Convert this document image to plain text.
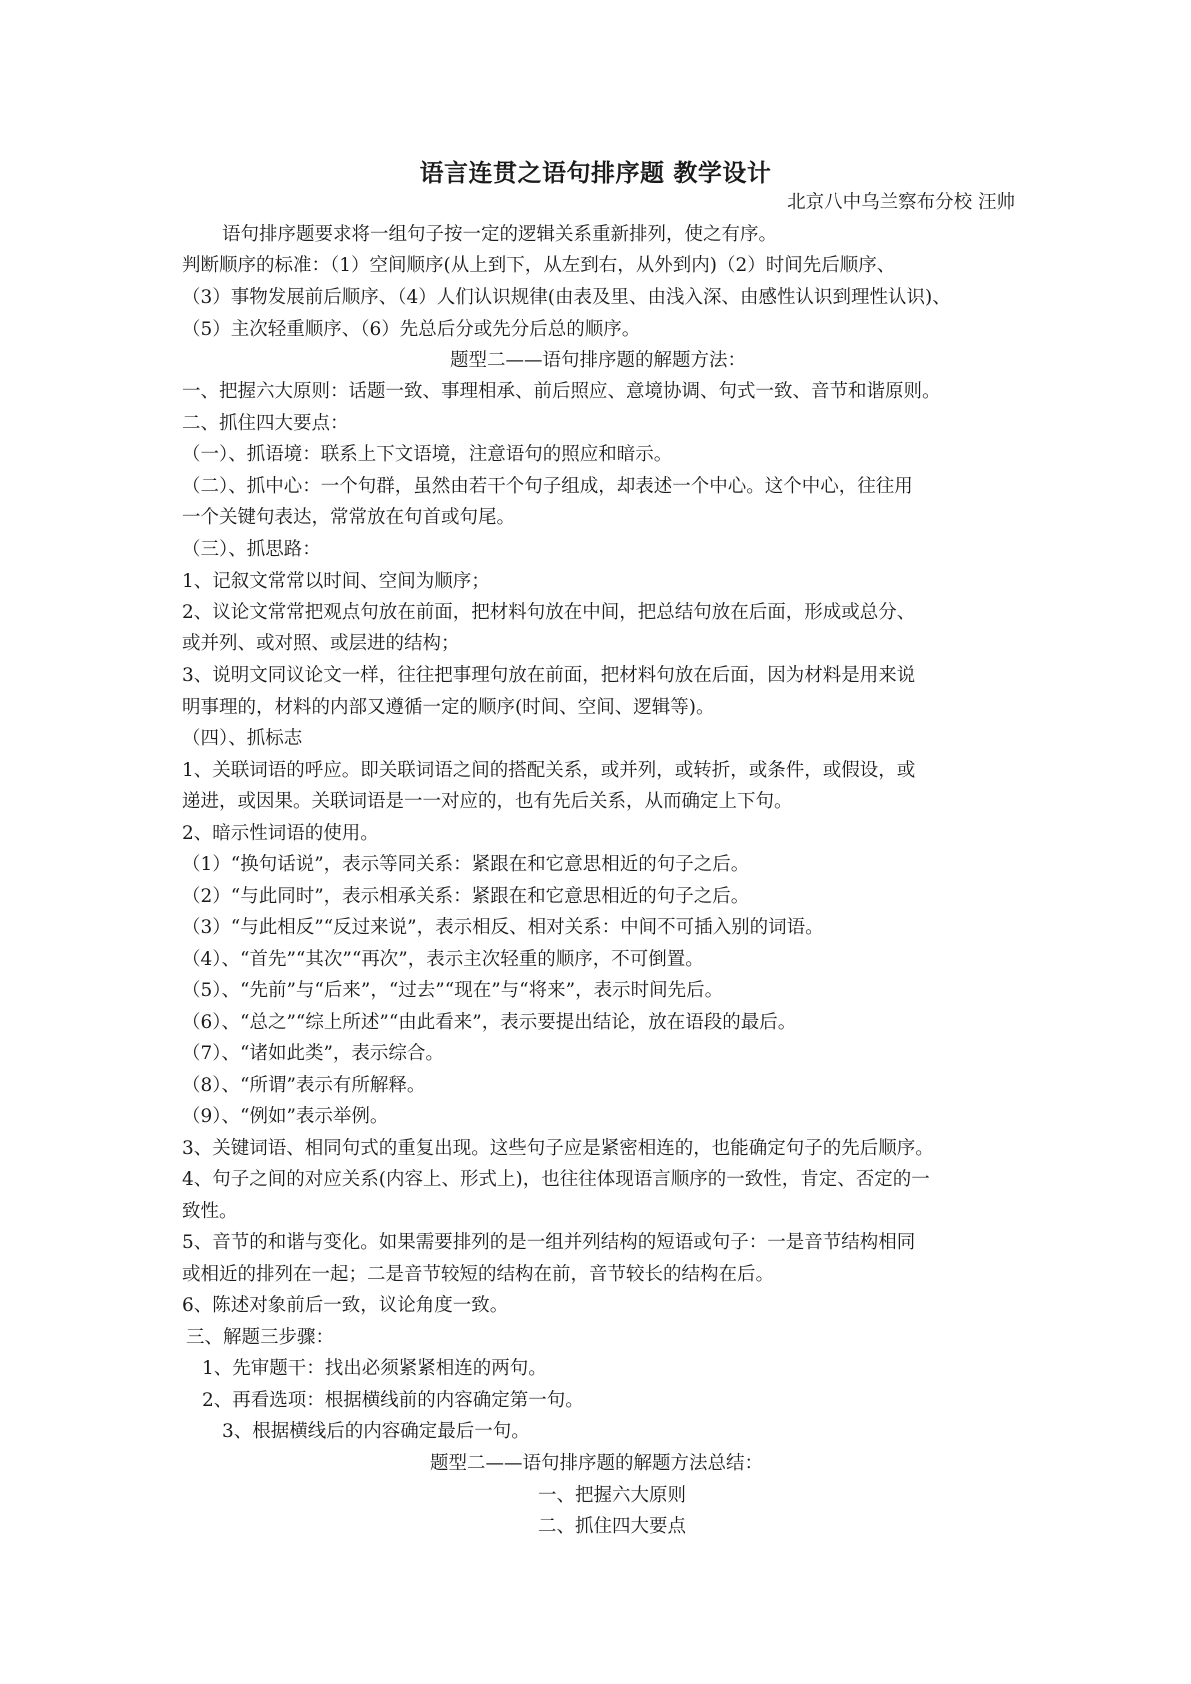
语言连贯之语句排序题 教学设计
北京八中乌兰察布分校 汪帅
语句排序题要求将一组句子按一定的逻辑关系重新排列，使之有序。
判断顺序的标准：（1）空间顺序(从上到下，从左到右，从外到内)（2）时间先后顺序、
（3）事物发展前后顺序、（4）人们认识规律(由表及里、由浅入深、由感性认识到理性认识)、
（5）主次轻重顺序、（6）先总后分或先分后总的顺序。
题型二——语句排序题的解题方法：
一、把握六大原则：话题一致、事理相承、前后照应、意境协调、句式一致、音节和谐原则。
二、抓住四大要点：
（一）、抓语境：联系上下文语境，注意语句的照应和暗示。
（二）、抓中心：一个句群，虽然由若干个句子组成，却表述一个中心。这个中心，往往用
一个关键句表达，常常放在句首或句尾。
（三）、抓思路：
1、记叙文常常以时间、空间为顺序；
2、议论文常常把观点句放在前面，把材料句放在中间，把总结句放在后面，形成或总分、
或并列、或对照、或层进的结构；
3、说明文同议论文一样，往往把事理句放在前面，把材料句放在后面，因为材料是用来说
明事理的，材料的内部又遵循一定的顺序(时间、空间、逻辑等)。
（四）、抓标志
1、关联词语的呼应。即关联词语之间的搭配关系，或并列，或转折，或条件，或假设，或
递进，或因果。关联词语是一一对应的，也有先后关系，从而确定上下句。
2、暗示性词语的使用。
（1）“换句话说”，表示等同关系：紧跟在和它意思相近的句子之后。
（2）“与此同时”，表示相承关系：紧跟在和它意思相近的句子之后。
（3）“与此相反”“反过来说”，表示相反、相对关系：中间不可插入别的词语。
（4）、“首先”“其次”“再次”，表示主次轻重的顺序，不可倒置。
（5）、“先前”与“后来”，“过去”“现在”与“将来”，表示时间先后。
（6）、“总之”“综上所述”“由此看来”，表示要提出结论，放在语段的最后。
（7）、“诸如此类”，表示综合。
（8）、“所谓”表示有所解释。
（9）、“例如”表示举例。
3、关键词语、相同句式的重复出现。这些句子应是紧密相连的，也能确定句子的先后顺序。
4、句子之间的对应关系(内容上、形式上)，也往往体现语言顺序的一致性，肯定、否定的一
致性。
5、音节的和谐与变化。如果需要排列的是一组并列结构的短语或句子：一是音节结构相同
或相近的排列在一起；二是音节较短的结构在前，音节较长的结构在后。
6、陈述对象前后一致，议论角度一致。
三、解题三步骤：
1、先审题干：找出必须紧紧相连的两句。
2、再看选项：根据横线前的内容确定第一句。
3、根据横线后的内容确定最后一句。
题型二——语句排序题的解题方法总结：
一、把握六大原则
二、抓住四大要点
